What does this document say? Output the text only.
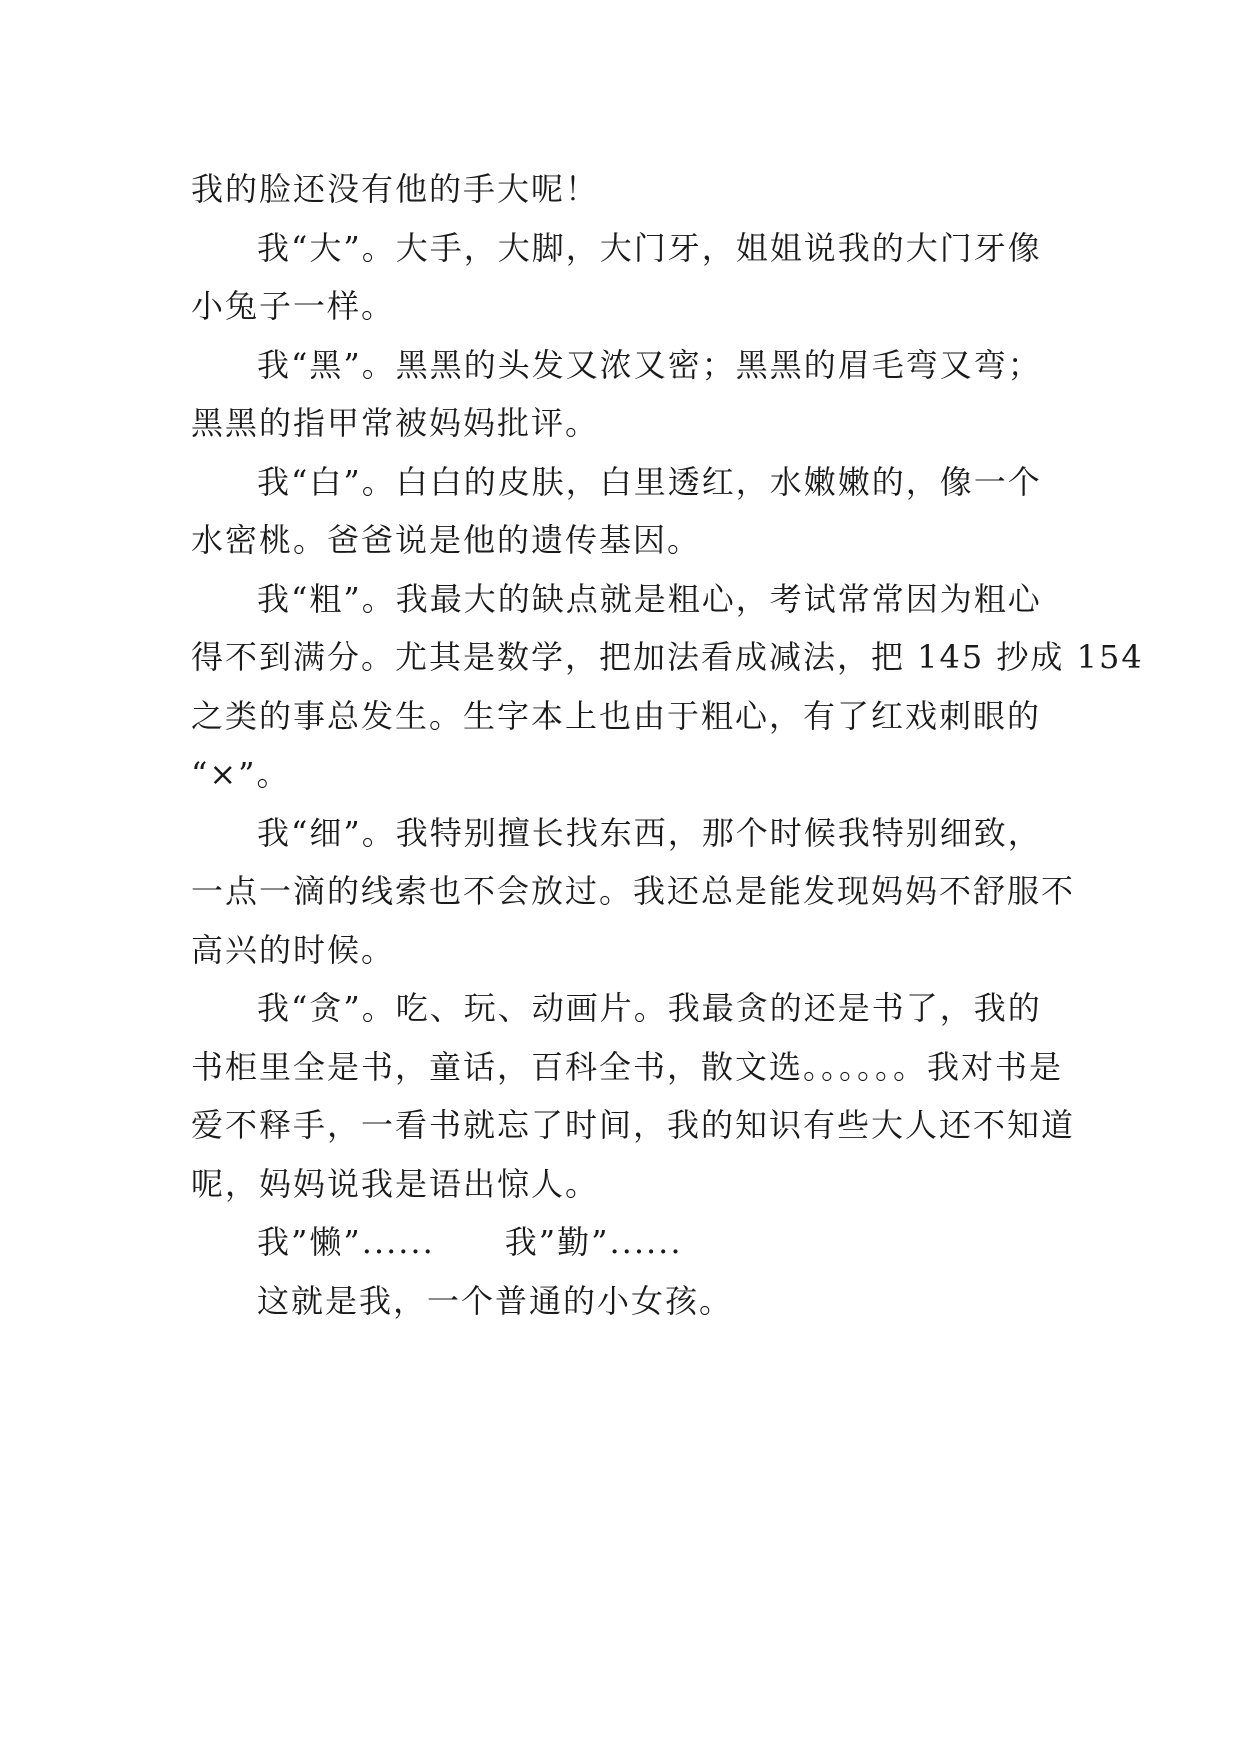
我的脸还没有他的手大呢！
我“大”。大手，大脚，大门牙，姐姐说我的大门牙像
小兔子一样。
我“黑”。黑黑的头发又浓又密；黑黑的眉毛弯又弯；
黑黑的指甲常被妈妈批评。
我“白”。白白的皮肤，白里透红，水嫩嫩的，像一个
水密桃。爸爸说是他的遗传基因。
我“粗”。我最大的缺点就是粗心，考试常常因为粗心
得不到满分。尤其是数学，把加法看成减法，把 145 抄成 154
之类的事总发生。生字本上也由于粗心，有了红戏刺眼的
“×”。
我“细”。我特别擅长找东西，那个时候我特别细致，
一点一滴的线索也不会放过。我还总是能发现妈妈不舒服不
高兴的时候。
我“贪”。吃、玩、动画片。我最贪的还是书了，我的
书柜里全是书，童话，百科全书，散文选。。。。。。我对书是
爱不释手，一看书就忘了时间，我的知识有些大人还不知道
呢，妈妈说我是语出惊人。
我”懒”...... 我”勤”......
这就是我，一个普通的小女孩。
